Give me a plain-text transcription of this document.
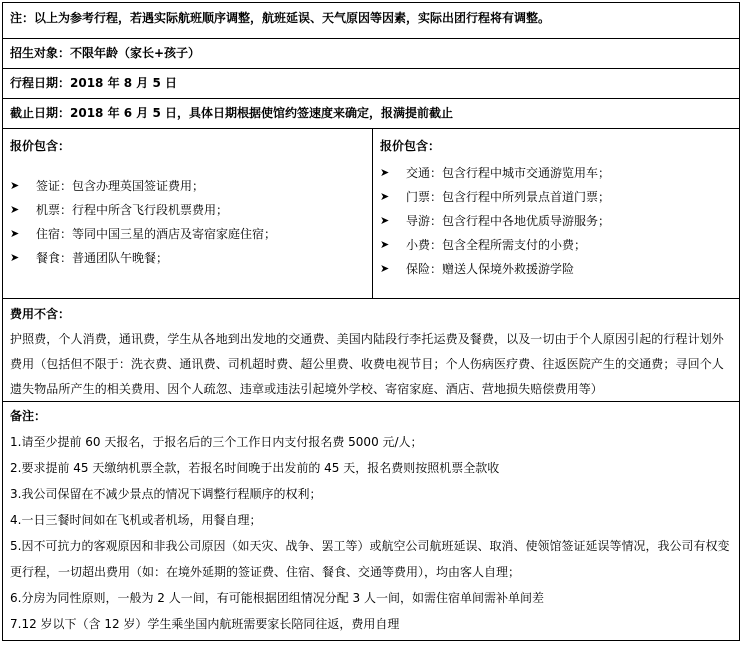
注：以上为参考行程，若遇实际航班顺序调整，航班延误、天气原因等因素，实际出团行程将有调整。
招生对象：不限年龄（家长+孩子）
行程日期：2018 年 8 月 5 日
截止日期：2018 年 6 月 5 日，具体日期根据使馆约签速度来确定，报满提前截止
报价包含：
➤	签证：包含办理英国签证费用；
➤	机票：行程中所含飞行段机票费用；
➤	住宿：等同中国三星的酒店及寄宿家庭住宿；
➤	餐食：普通团队午晚餐；
报价包含：
➤	交通：包含行程中城市交通游览用车；
➤	门票：包含行程中所列景点首道门票；
➤	导游：包含行程中各地优质导游服务；
➤	小费：包含全程所需支付的小费；
➤	保险：赠送人保境外救援游学险
费用不含：
护照费，个人消费，通讯费，学生从各地到出发地的交通费、美国内陆段行李托运费及餐费，以及一切由于个人原因引起的行程计划外费用（包括但不限于：洗衣费、通讯费、司机超时费、超公里费、收费电视节目；个人伤病医疗费、往返医院产生的交通费；寻回个人遗失物品所产生的相关费用、因个人疏忽、违章或违法引起境外学校、寄宿家庭、酒店、营地损失赔偿费用等）
备注：
1.请至少提前 60 天报名，于报名后的三个工作日内支付报名费 5000 元/人；
2.要求提前 45 天缴纳机票全款，若报名时间晚于出发前的 45 天，报名费则按照机票全款收
3.我公司保留在不减少景点的情况下调整行程顺序的权利；
4.一日三餐时间如在飞机或者机场，用餐自理；
5.因不可抗力的客观原因和非我公司原因（如天灾、战争、罢工等）或航空公司航班延误、取消、使领馆签证延误等情况，我公司有权变更行程，一切超出费用（如：在境外延期的签证费、住宿、餐食、交通等费用），均由客人自理；
6.分房为同性原则，一般为 2 人一间，有可能根据团组情况分配 3 人一间，如需住宿单间需补单间差
7.12 岁以下（含 12 岁）学生乘坐国内航班需要家长陪同往返，费用自理
